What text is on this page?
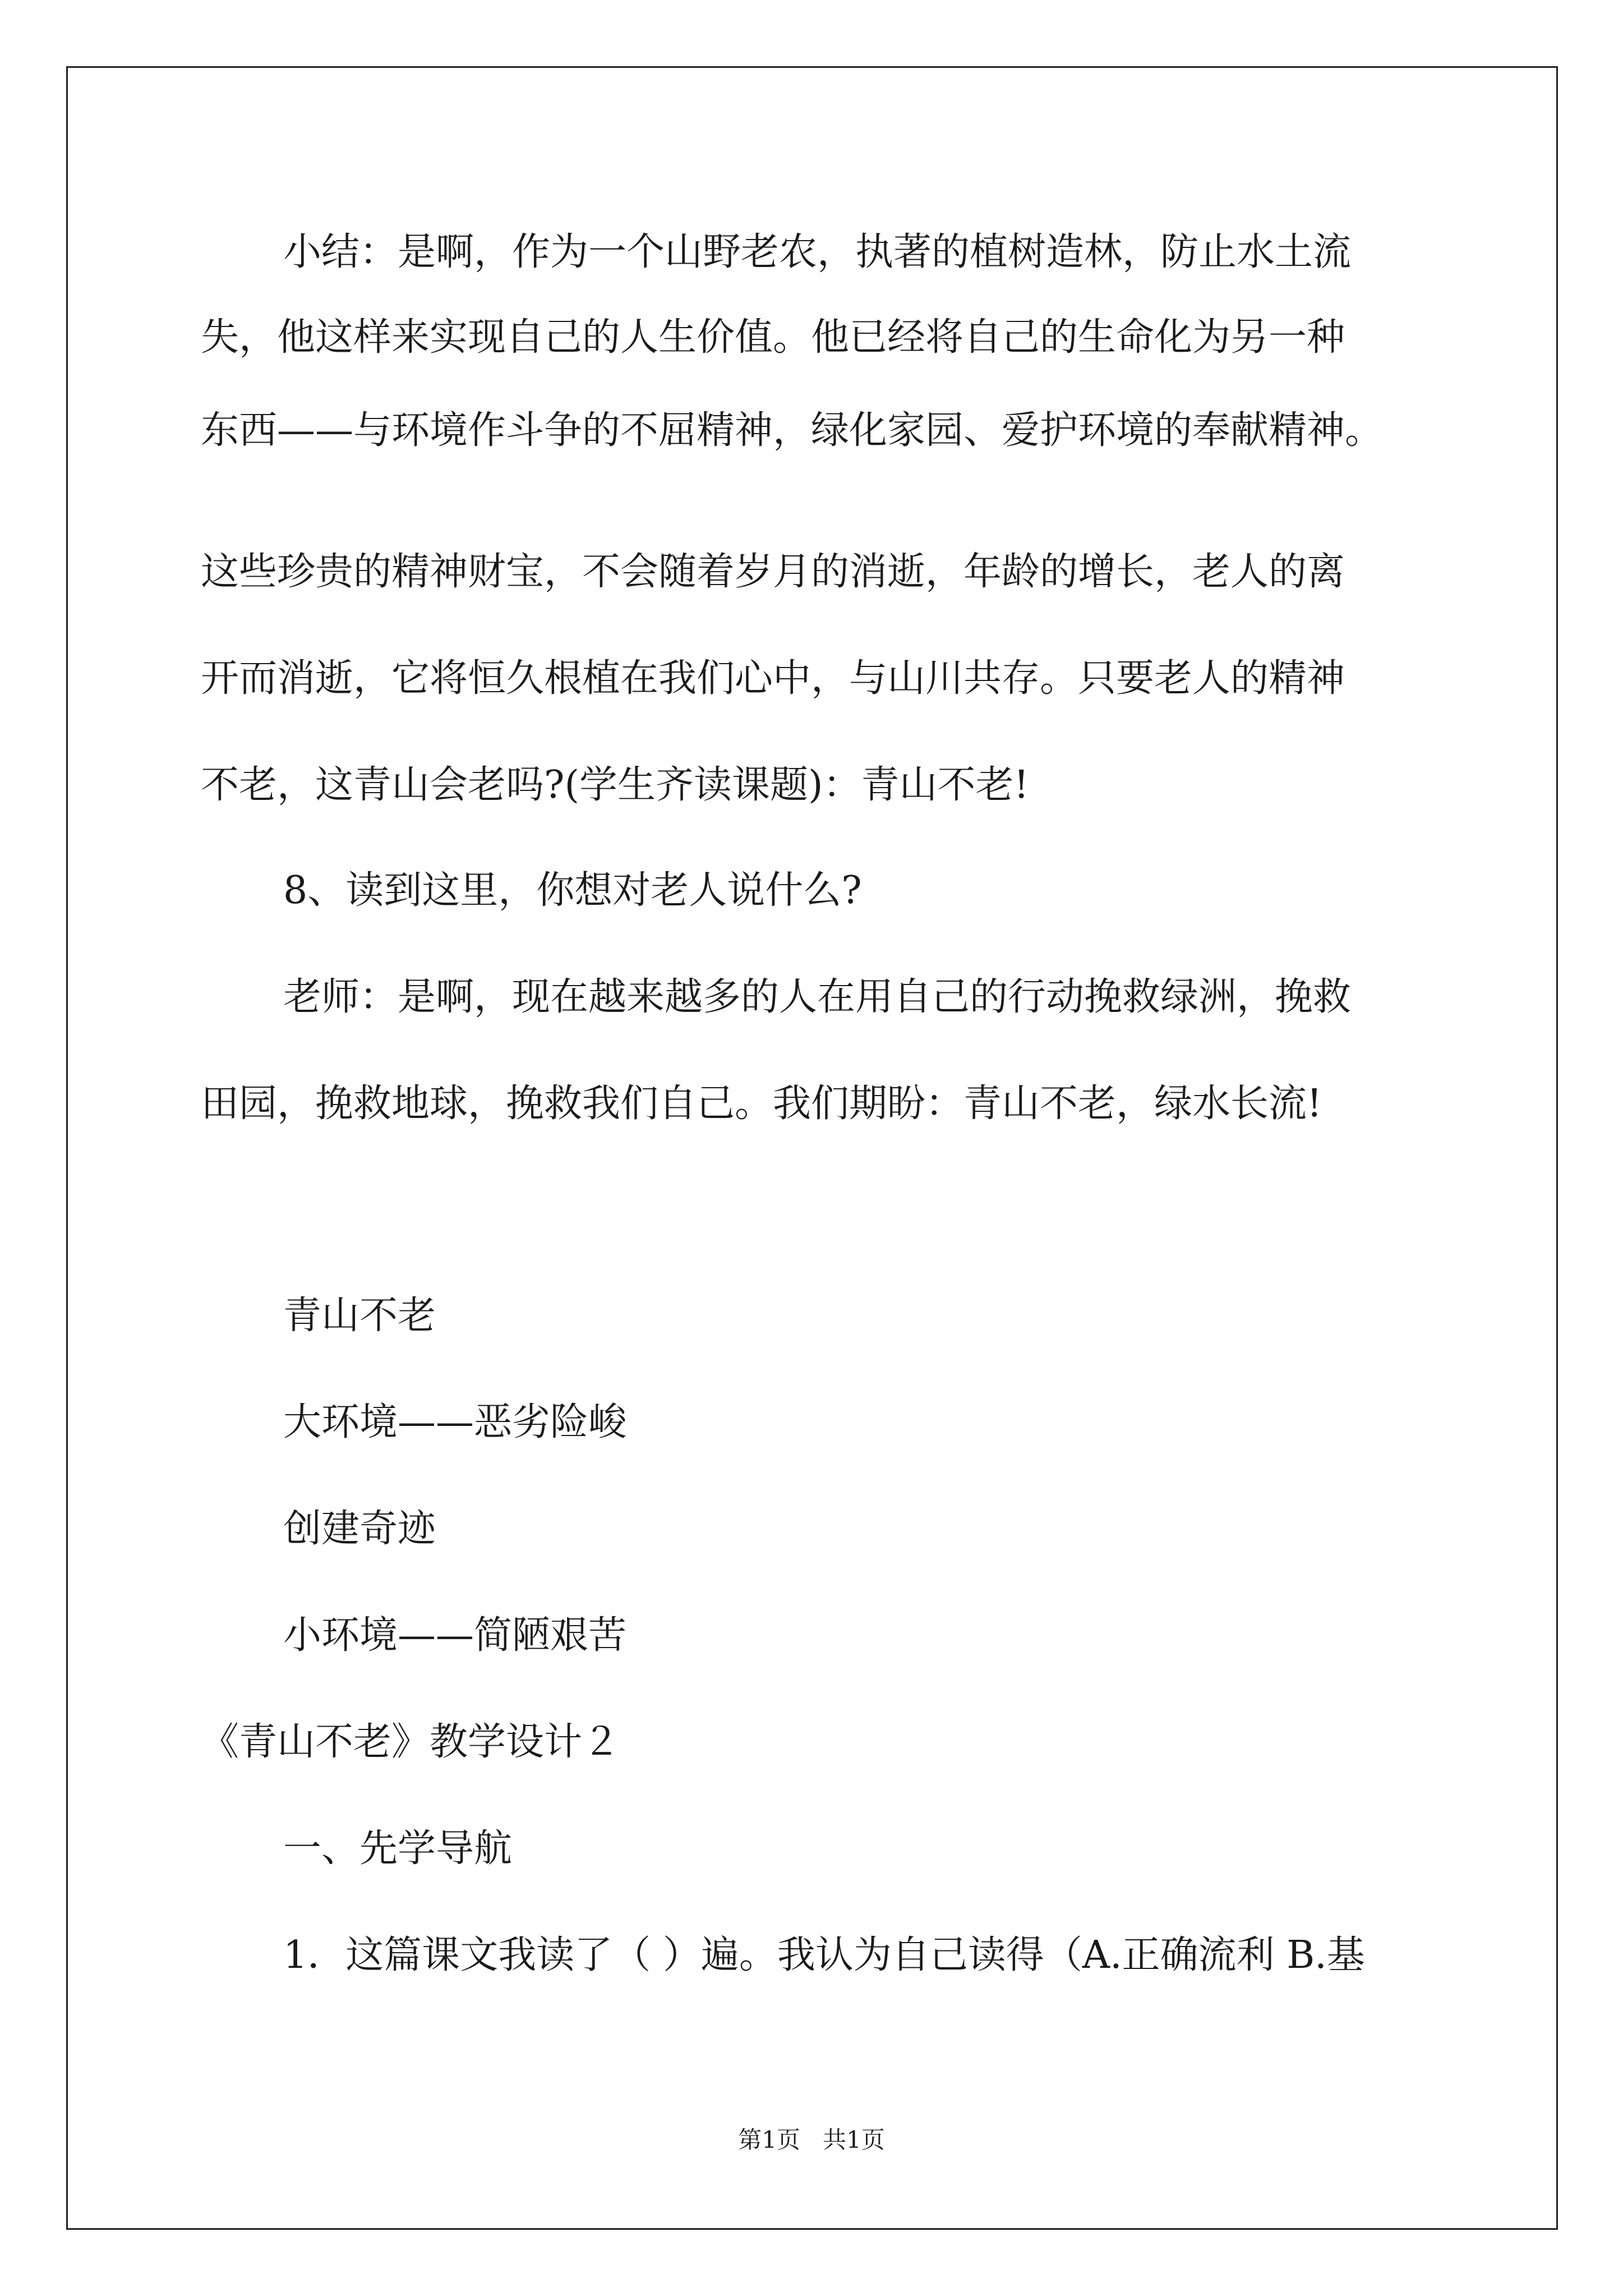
小结：是啊，作为一个山野老农，执著的植树造林，防止水土流
失，他这样来实现自己的人生价值。他已经将自己的生命化为另一种
东西——与环境作斗争的不屈精神，绿化家园、爱护环境的奉献精神。
这些珍贵的精神财宝，不会随着岁月的消逝，年龄的增长，老人的离
开而消逝，它将恒久根植在我们心中，与山川共存。只要老人的精神
不老，这青山会老吗?(学生齐读课题)：青山不老!
8、读到这里，你想对老人说什么?
老师：是啊，现在越来越多的人在用自己的行动挽救绿洲，挽救
田园，挽救地球，挽救我们自己。我们期盼：青山不老，绿水长流!
青山不老
大环境——恶劣险峻
创建奇迹
小环境——简陋艰苦
《青山不老》教学设计２
一、先学导航
1．这篇课文我读了（ ）遍。我认为自己读得（A.正确流利 B.基
第1页 共1页
